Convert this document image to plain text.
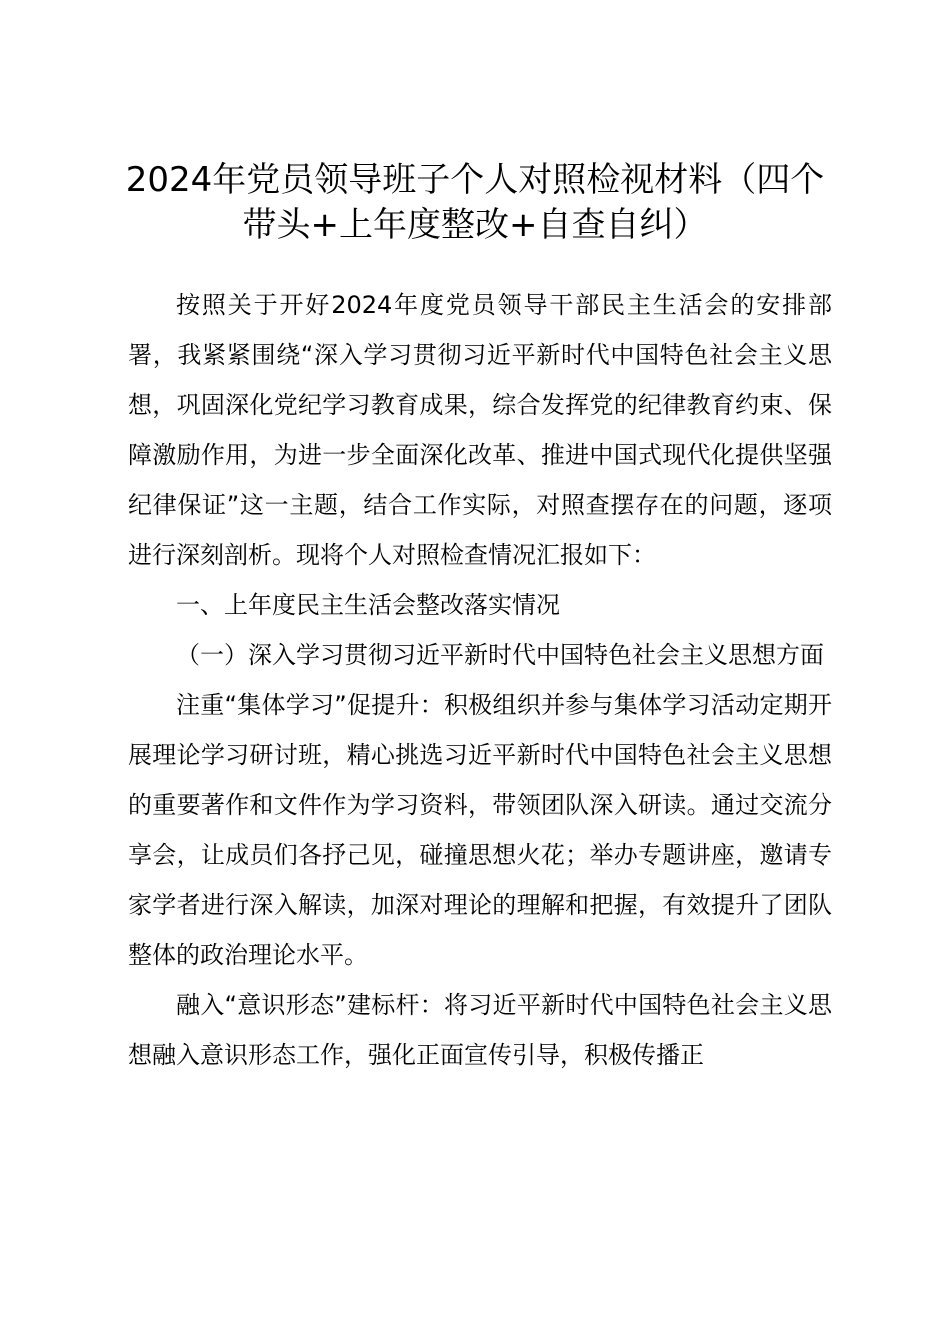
2024年党员领导班子个人对照检视材料（四个带头+上年度整改+自查自纠）

按照关于开好2024年度党员领导干部民主生活会的安排部署，我紧紧围绕“深入学习贯彻习近平新时代中国特色社会主义思想，巩固深化党纪学习教育成果，综合发挥党的纪律教育约束、保障激励作用，为进一步全面深化改革、推进中国式现代化提供坚强纪律保证”这一主题，结合工作实际，对照查摆存在的问题，逐项进行深刻剖析。现将个人对照检查情况汇报如下：

一、上年度民主生活会整改落实情况

（一）深入学习贯彻习近平新时代中国特色社会主义思想方面

注重“集体学习”促提升：积极组织并参与集体学习活动定期开展理论学习研讨班，精心挑选习近平新时代中国特色社会主义思想的重要著作和文件作为学习资料，带领团队深入研读。通过交流分享会，让成员们各抒己见，碰撞思想火花；举办专题讲座，邀请专家学者进行深入解读，加深对理论的理解和把握，有效提升了团队整体的政治理论水平。

融入“意识形态”建标杆：将习近平新时代中国特色社会主义思想融入意识形态工作，强化正面宣传引导，积极传播正
